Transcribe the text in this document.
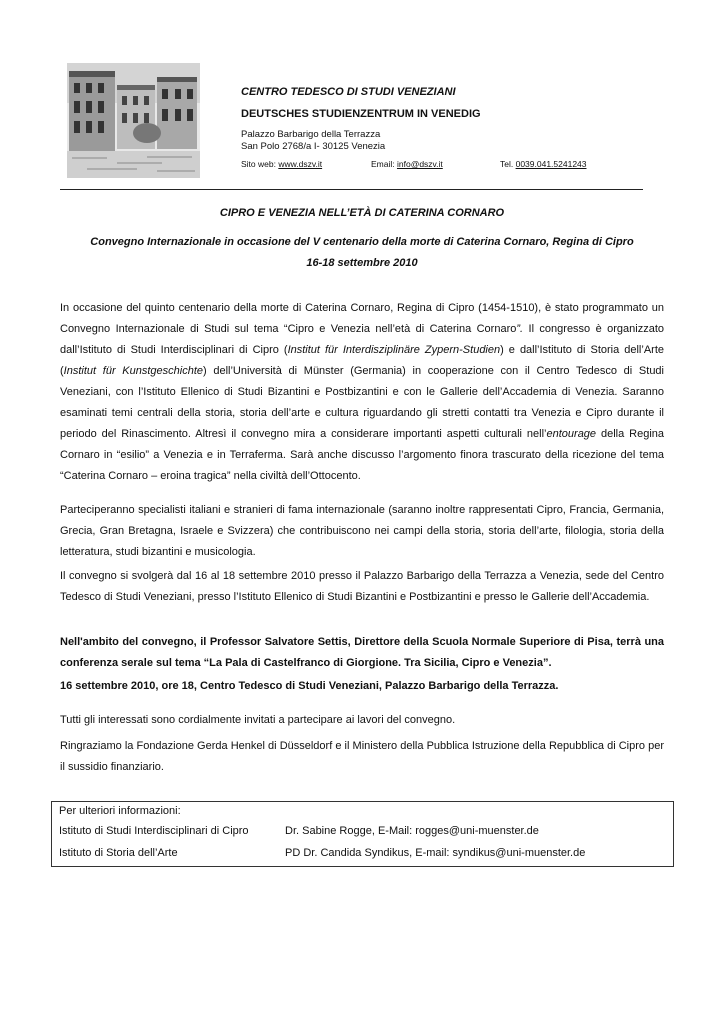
CENTRO TEDESCO DI STUDI VENEZIANI
DEUTSCHES STUDIENZENTRUM IN VENEDIG
Palazzo Barbarigo della Terrazza
San Polo 2768/a I- 30125 Venezia
Sito web: www.dszv.it	Email: info@dszv.it	Tel. 0039.041.5241243
CIPRO E VENEZIA NELL’ETÀ DI CATERINA CORNARO
Convegno Internazionale in occasione del V centenario della morte di Caterina Cornaro, Regina di Cipro
16-18 settembre 2010

In occasione del quinto centenario della morte di Caterina Cornaro, Regina di Cipro (1454-1510), è stato programmato un Convegno Internazionale di Studi sul tema “Cipro e Venezia nell’età di Caterina Cornaro”. Il congresso è organizzato dall’Istituto di Studi Interdisciplinari di Cipro (Institut für Interdisziplinäre Zypern-Studien) e dall’Istituto di Storia dell’Arte (Institut für Kunstgeschichte) dell’Università di Münster (Germania) in cooperazione con il Centro Tedesco di Studi Veneziani, con l’Istituto Ellenico di Studi Bizantini e Postbizantini e con le Gallerie dell’Accademia di Venezia. Saranno esaminati temi centrali della storia, storia dell’arte e cultura riguardando gli stretti contatti tra Venezia e Cipro durante il periodo del Rinascimento. Altresì il convegno mira a considerare importanti aspetti culturali nell’entourage della Regina Cornaro in “esilio” a Venezia e in Terraferma. Sarà anche discusso l’argomento finora trascurato della ricezione del tema “Caterina Cornaro – eroina tragica” nella civiltà dell’Ottocento.

Parteciperanno specialisti italiani e stranieri di fama internazionale (saranno inoltre rappresentati Cipro, Francia, Germania, Grecia, Gran Bretagna, Israele e Svizzera) che contribuiscono nei campi della storia, storia dell’arte, filologia, storia della letteratura, studi bizantini e musicologia.

Il convegno si svolgerà dal 16 al 18 settembre 2010 presso il Palazzo Barbarigo della Terrazza a Venezia, sede del Centro Tedesco di Studi Veneziani, presso l’Istituto Ellenico di Studi Bizantini e Postbizantini e presso le Gallerie dell’Accademia.

Nell'ambito del convegno, il Professor Salvatore Settis, Direttore della Scuola Normale Superiore di Pisa, terrà una conferenza serale sul tema “La Pala di Castelfranco di Giorgione. Tra Sicilia, Cipro e Venezia”.

16 settembre 2010, ore 18, Centro Tedesco di Studi Veneziani, Palazzo Barbarigo della Terrazza.

Tutti gli interessati sono cordialmente invitati a partecipare ai lavori del convegno.

Ringraziamo la Fondazione Gerda Henkel di Düsseldorf e il Ministero della Pubblica Istruzione della Repubblica di Cipro per il sussidio finanziario.

Per ulteriori informazioni:
Istituto di Studi Interdisciplinari di Cipro	Dr. Sabine Rogge, E-Mail: rogges@uni-muenster.de
Istituto di Storia dell’Arte	PD Dr. Candida Syndikus, E-mail: syndikus@uni-muenster.de
